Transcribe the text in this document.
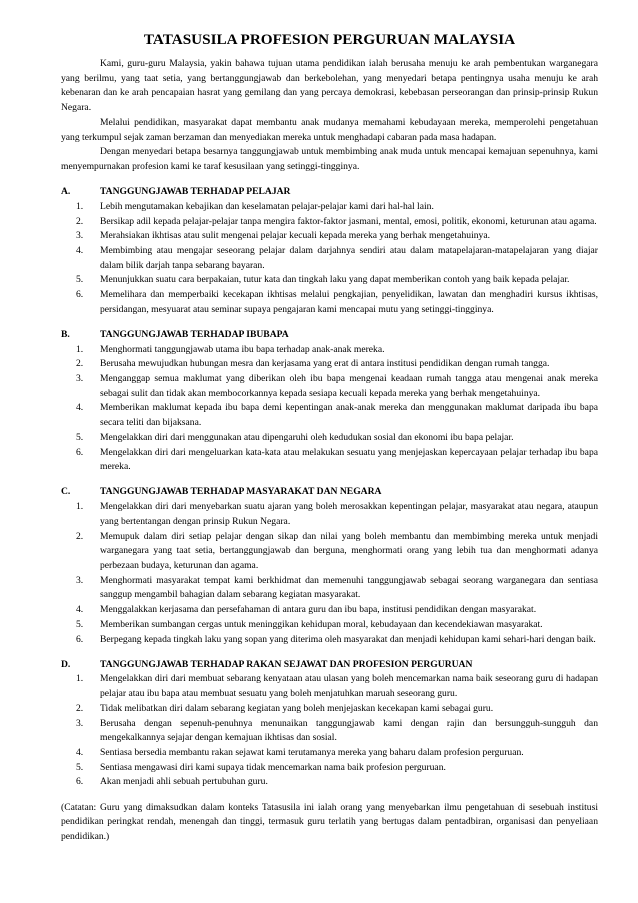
TATASUSILA PROFESION PERGURUAN MALAYSIA

Kami, guru-guru Malaysia, yakin bahawa tujuan utama pendidikan ialah berusaha menuju ke arah pembentukan warganegara yang berilmu, yang taat setia, yang bertanggungjawab dan berkebolehan, yang menyedari betapa pentingnya usaha menuju ke arah kebenaran dan ke arah pencapaian hasrat yang gemilang dan yang percaya demokrasi, kebebasan perseorangan dan prinsip-prinsip Rukun Negara.

Melalui pendidikan, masyarakat dapat membantu anak mudanya memahami kebudayaan mereka, memperolehi pengetahuan yang terkumpul sejak zaman berzaman dan menyediakan mereka untuk menghadapi cabaran pada masa hadapan.

Dengan menyedari betapa besarnya tanggungjawab untuk membimbing anak muda untuk mencapai kemajuan sepenuhnya, kami menyempurnakan profesion kami ke taraf kesusilaan yang setinggi-tingginya.

A.	TANGGUNGJAWAB TERHADAP PELAJAR
1.	Lebih mengutamakan kebajikan dan keselamatan pelajar-pelajar kami dari hal-hal lain.
2.	Bersikap adil kepada pelajar-pelajar tanpa mengira faktor-faktor jasmani, mental, emosi, politik, ekonomi, keturunan atau agama.
3.	Merahsiakan ikhtisas atau sulit mengenai pelajar kecuali kepada mereka yang berhak mengetahuinya.
4.	Membimbing atau mengajar seseorang pelajar dalam darjahnya sendiri atau dalam matapelajaran-matapelajaran yang diajar dalam bilik darjah tanpa sebarang bayaran.
5.	Menunjukkan suatu cara berpakaian, tutur kata dan tingkah laku yang dapat memberikan contoh yang baik kepada pelajar.
6.	Memelihara dan memperbaiki kecekapan ikhtisas melalui pengkajian, penyelidikan, lawatan dan menghadiri kursus ikhtisas, persidangan, mesyuarat atau seminar supaya pengajaran kami mencapai mutu yang setinggi-tingginya.
B.	TANGGUNGJAWAB TERHADAP IBUBAPA
1.	Menghormati tanggungjawab utama ibu bapa terhadap anak-anak mereka.
2.	Berusaha mewujudkan hubungan mesra dan kerjasama yang erat di antara institusi pendidikan dengan rumah tangga.
3.	Menganggap semua maklumat yang diberikan oleh ibu bapa mengenai keadaan rumah tangga atau mengenai anak mereka sebagai sulit dan tidak akan membocorkannya kepada sesiapa kecuali kepada mereka yang berhak mengetahuinya.
4.	Memberikan maklumat kepada ibu bapa demi kepentingan anak-anak mereka dan menggunakan maklumat daripada ibu bapa secara teliti dan bijaksana.
5.	Mengelakkan diri dari menggunakan atau dipengaruhi oleh kedudukan sosial dan ekonomi ibu bapa pelajar.
6.	Mengelakkan diri dari mengeluarkan kata-kata atau melakukan sesuatu yang menjejaskan kepercayaan pelajar terhadap ibu bapa mereka.
C.	TANGGUNGJAWAB TERHADAP MASYARAKAT DAN NEGARA
1.	Mengelakkan diri dari menyebarkan suatu ajaran yang boleh merosakkan kepentingan pelajar, masyarakat atau negara, ataupun yang bertentangan dengan prinsip Rukun Negara.
2.	Memupuk dalam diri setiap pelajar dengan sikap dan nilai yang boleh membantu dan membimbing mereka untuk menjadi warganegara yang taat setia, bertanggungjawab dan berguna, menghormati orang yang lebih tua dan menghormati adanya perbezaan budaya, keturunan dan agama.
3.	Menghormati masyarakat tempat kami berkhidmat dan memenuhi tanggungjawab sebagai seorang warganegara dan sentiasa sanggup mengambil bahagian dalam sebarang kegiatan masyarakat.
4.	Menggalakkan kerjasama dan persefahaman di antara guru dan ibu bapa, institusi pendidikan dengan masyarakat.
5.	Memberikan sumbangan cergas untuk meninggikan kehidupan moral, kebudayaan dan kecendekiawan masyarakat.
6.	Berpegang kepada tingkah laku yang sopan yang diterima oleh masyarakat dan menjadi kehidupan kami sehari-hari dengan baik.
D.	TANGGUNGJAWAB TERHADAP RAKAN SEJAWAT DAN PROFESION PERGURUAN
1.	Mengelakkan diri dari membuat sebarang kenyataan atau ulasan yang boleh mencemarkan nama baik seseorang guru di hadapan pelajar atau ibu bapa atau membuat sesuatu yang boleh menjatuhkan maruah seseorang guru.
2.	Tidak melibatkan diri dalam sebarang kegiatan yang boleh menjejaskan kecekapan kami sebagai guru.
3.	Berusaha dengan sepenuh-penuhnya menunaikan tanggungjawab kami dengan rajin dan bersungguh-sungguh dan mengekalkannya sejajar dengan kemajuan ikhtisas dan sosial.
4.	Sentiasa bersedia membantu rakan sejawat kami terutamanya mereka yang baharu dalam profesion perguruan.
5.	Sentiasa mengawasi diri kami supaya tidak mencemarkan nama baik profesion perguruan.
6.	Akan menjadi ahli sebuah pertubuhan guru.

(Catatan: Guru yang dimaksudkan dalam konteks Tatasusila ini ialah orang yang menyebarkan ilmu pengetahuan di sesebuah institusi pendidikan peringkat rendah, menengah dan tinggi, termasuk guru terlatih yang bertugas dalam pentadbiran, organisasi dan penyeliaan pendidikan.)
